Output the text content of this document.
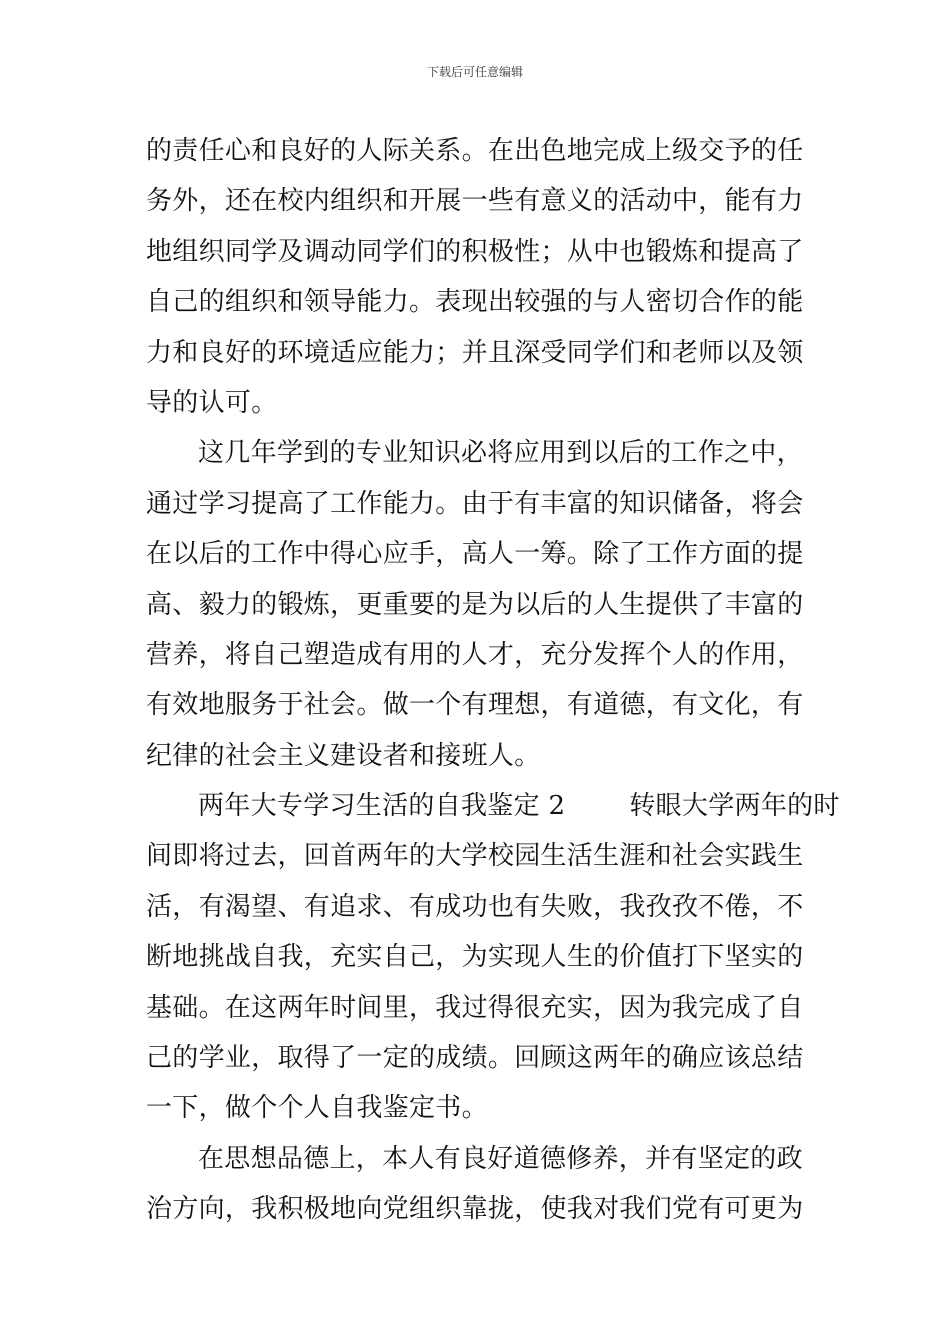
下载后可任意编辑
的责任心和良好的人际关系。在出色地完成上级交予的任
务外，还在校内组织和开展一些有意义的活动中，能有力
地组织同学及调动同学们的积极性；从中也锻炼和提高了
自己的组织和领导能力。表现出较强的与人密切合作的能
力和良好的环境适应能力；并且深受同学们和老师以及领
导的认可。
这几年学到的专业知识必将应用到以后的工作之中，
通过学习提高了工作能力。由于有丰富的知识储备，将会
在以后的工作中得心应手，高人一筹。除了工作方面的提
高、毅力的锻炼，更重要的是为以后的人生提供了丰富的
营养，将自己塑造成有用的人才，充分发挥个人的作用，
有效地服务于社会。做一个有理想，有道德，有文化，有
纪律的社会主义建设者和接班人。
两年大专学习生活的自我鉴定 2 转眼大学两年的时
间即将过去，回首两年的大学校园生活生涯和社会实践生
活，有渴望、有追求、有成功也有失败，我孜孜不倦，不
断地挑战自我，充实自己，为实现人生的价值打下坚实的
基础。在这两年时间里，我过得很充实，因为我完成了自
己的学业，取得了一定的成绩。回顾这两年的确应该总结
一下，做个个人自我鉴定书。
在思想品德上，本人有良好道德修养，并有坚定的政
治方向，我积极地向党组织靠拢，使我对我们党有可更为
